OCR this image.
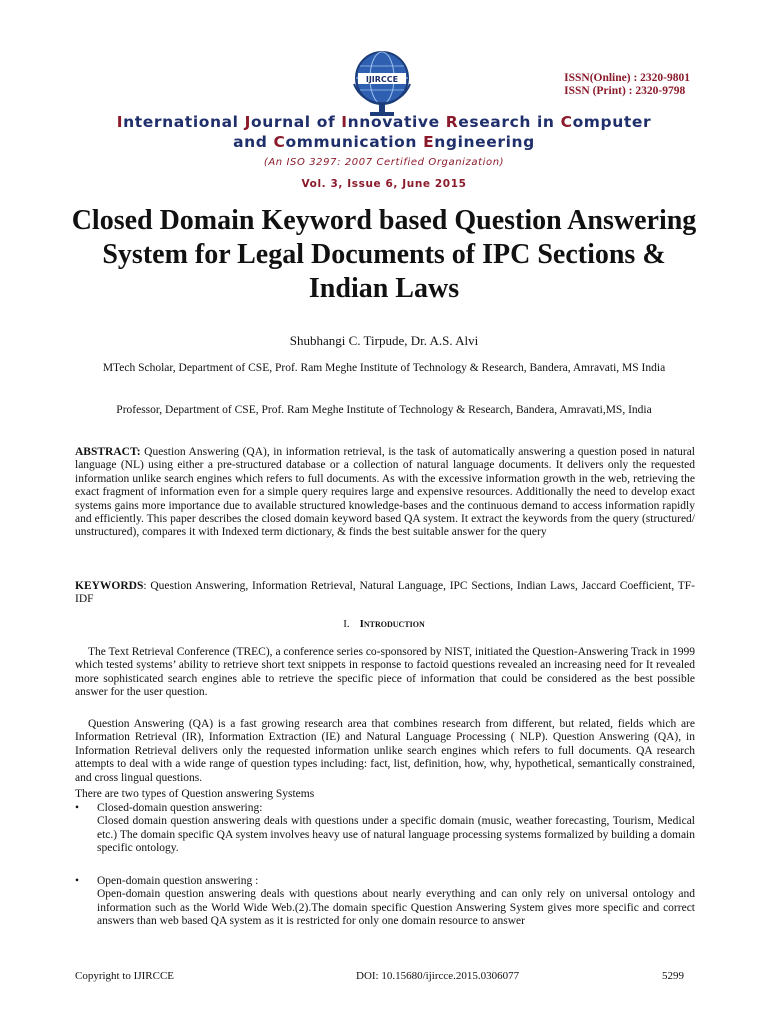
IJIRCCE	ISSN(Online) : 2320-9801
ISSN (Print) : 2320-9798
International Journal of Innovative Research in Computer
and Communication Engineering
(An ISO 3297: 2007 Certified Organization)
Vol. 3, Issue 6, June 2015
Closed Domain Keyword based Question Answering System for Legal Documents of IPC Sections & Indian Laws
Shubhangi C. Tirpude, Dr. A.S. Alvi
MTech Scholar, Department of CSE, Prof. Ram Meghe Institute of Technology & Research, Bandera, Amravati, MS India
Professor, Department of CSE, Prof. Ram Meghe Institute of Technology & Research, Bandera, Amravati,MS, India
ABSTRACT: Question Answering (QA), in information retrieval, is the task of automatically answering a question posed in natural language (NL) using either a pre-structured database or a collection of natural language documents. It delivers only the requested information unlike search engines which refers to full documents. As with the excessive information growth in the web, retrieving the exact fragment of information even for a simple query requires large and expensive resources. Additionally the need to develop exact systems gains more importance due to available structured knowledge-bases and the continuous demand to access information rapidly and efficiently. This paper describes the closed domain keyword based QA system. It extract the keywords from the query (structured/ unstructured), compares it with Indexed term dictionary, & finds the best suitable answer for the query
KEYWORDS: Question Answering, Information Retrieval, Natural Language, IPC Sections, Indian Laws, Jaccard Coefficient, TF-IDF
I. Introduction
The Text Retrieval Conference (TREC), a conference series co-sponsored by NIST, initiated the Question-Answering Track in 1999 which tested systems’ ability to retrieve short text snippets in response to factoid questions revealed an increasing need for It revealed more sophisticated search engines able to retrieve the specific piece of information that could be considered as the best possible answer for the user question.
Question Answering (QA) is a fast growing research area that combines research from different, but related, fields which are Information Retrieval (IR), Information Extraction (IE) and Natural Language Processing ( NLP). Question Answering (QA), in Information Retrieval delivers only the requested information unlike search engines which refers to full documents. QA research attempts to deal with a wide range of question types including: fact, list, definition, how, why, hypothetical, semantically constrained, and cross lingual questions.
There are two types of Question answering Systems
•	Closed-domain question answering:
Closed domain question answering deals with questions under a specific domain (music, weather forecasting, Tourism, Medical etc.) The domain specific QA system involves heavy use of natural language processing systems formalized by building a domain specific ontology.
•	Open-domain question answering :
Open-domain question answering deals with questions about nearly everything and can only rely on universal ontology and information such as the World Wide Web.(2).The domain specific Question Answering System gives more specific and correct answers than web based QA system as it is restricted for only one domain resource to answer
Copyright to IJIRCCE	DOI: 10.15680/ijircce.2015.0306077	5299
